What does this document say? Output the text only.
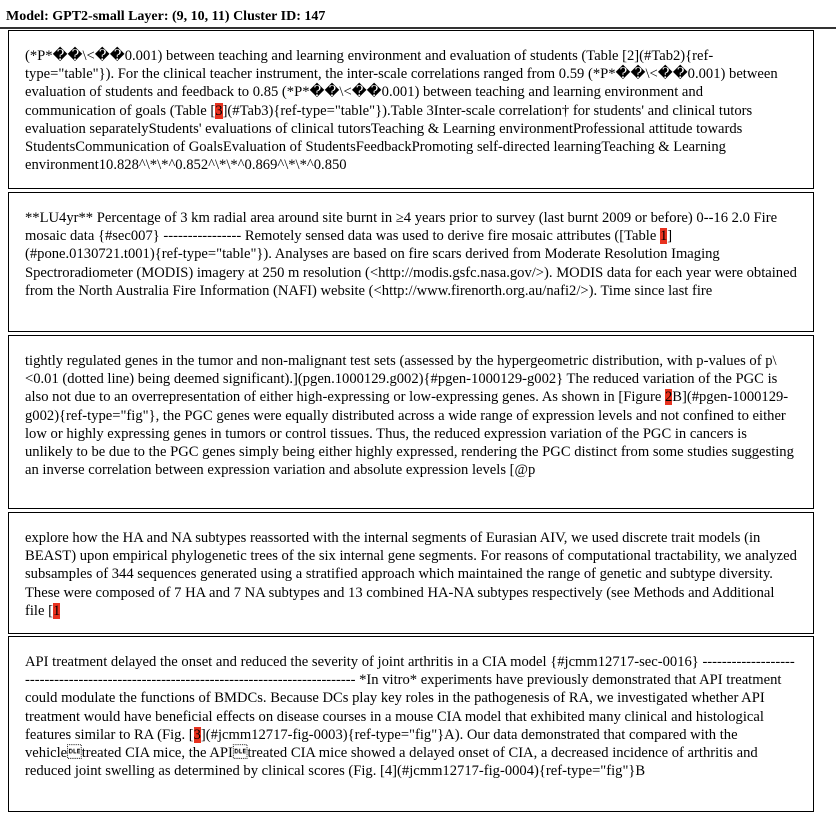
Model: GPT2-small Layer: (9, 10, 11) Cluster ID: 147
(*P*��\<��0.001) between teaching and learning environment and evaluation of students (Table [2](#Tab2){ref-type="table"}). For the clinical teacher instrument, the inter-scale correlations ranged from 0.59 (*P*��\<��0.001) between evaluation of students and feedback to 0.85 (*P*��\<��0.001) between teaching and learning environment and communication of goals (Table [3](#Tab3){ref-type="table"}).Table 3Inter-scale correlation† for students' and clinical tutors evaluation separatelyStudents' evaluations of clinical tutorsTeaching & Learning environmentProfessional attitude towards StudentsCommunication of GoalsEvaluation of StudentsFeedbackPromoting self-directed learningTeaching & Learning environment10.828^\*\*^0.852^\*\*^0.869^\*\*^0.850
**LU4yr** Percentage of 3 km radial area around site burnt in ≥4 years prior to survey (last burnt 2009 or before) 0--16 2.0 Fire mosaic data {#sec007} ---------------- Remotely sensed data was used to derive fire mosaic attributes ([Table 1](#pone.0130721.t001){ref-type="table"}). Analyses are based on fire scars derived from Moderate Resolution Imaging Spectroradiometer (MODIS) imagery at 250 m resolution (<http://modis.gsfc.nasa.gov/>). MODIS data for each year were obtained from the North Australia Fire Information (NAFI) website (<http://www.firenorth.org.au/nafi2/>). Time since last fire
tightly regulated genes in the tumor and non-malignant test sets (assessed by the hypergeometric distribution, with p-values of p\<0.01 (dotted line) being deemed significant).](pgen.1000129.g002){#pgen-1000129-g002} The reduced variation of the PGC is also not due to an overrepresentation of either high-expressing or low-expressing genes. As shown in [Figure 2B](#pgen-1000129-g002){ref-type="fig"}, the PGC genes were equally distributed across a wide range of expression levels and not confined to either low or highly expressing genes in tumors or control tissues. Thus, the reduced expression variation of the PGC in cancers is unlikely to be due to the PGC genes simply being either highly expressed, rendering the PGC distinct from some studies suggesting an inverse correlation between expression variation and absolute expression levels [@p
explore how the HA and NA subtypes reassorted with the internal segments of Eurasian AIV, we used discrete trait models (in BEAST) upon empirical phylogenetic trees of the six internal gene segments. For reasons of computational tractability, we analyzed subsamples of 344 sequences generated using a stratified approach which maintained the range of genetic and subtype diversity. These were composed of 7 HA and 7 NA subtypes and 13 combined HA-NA subtypes respectively (see Methods and Additional file [1
API treatment delayed the onset and reduced the severity of joint arthritis in a CIA model {#jcmm12717-sec-0016} --------------------------------------------------------------------------------------- *In vitro* experiments have previously demonstrated that API treatment could modulate the functions of BMDCs. Because DCs play key roles in the pathogenesis of RA, we investigated whether API treatment would have beneficial effects on disease courses in a mouse CIA model that exhibited many clinical and histological features similar to RA (Fig. [3](#jcmm12717-fig-0003){ref-type="fig"}A). Our data demonstrated that compared with the vehicletreated CIA mice, the APItreated CIA mice showed a delayed onset of CIA, a decreased incidence of arthritis and reduced joint swelling as determined by clinical scores (Fig. [4](#jcmm12717-fig-0004){ref-type="fig"}B
